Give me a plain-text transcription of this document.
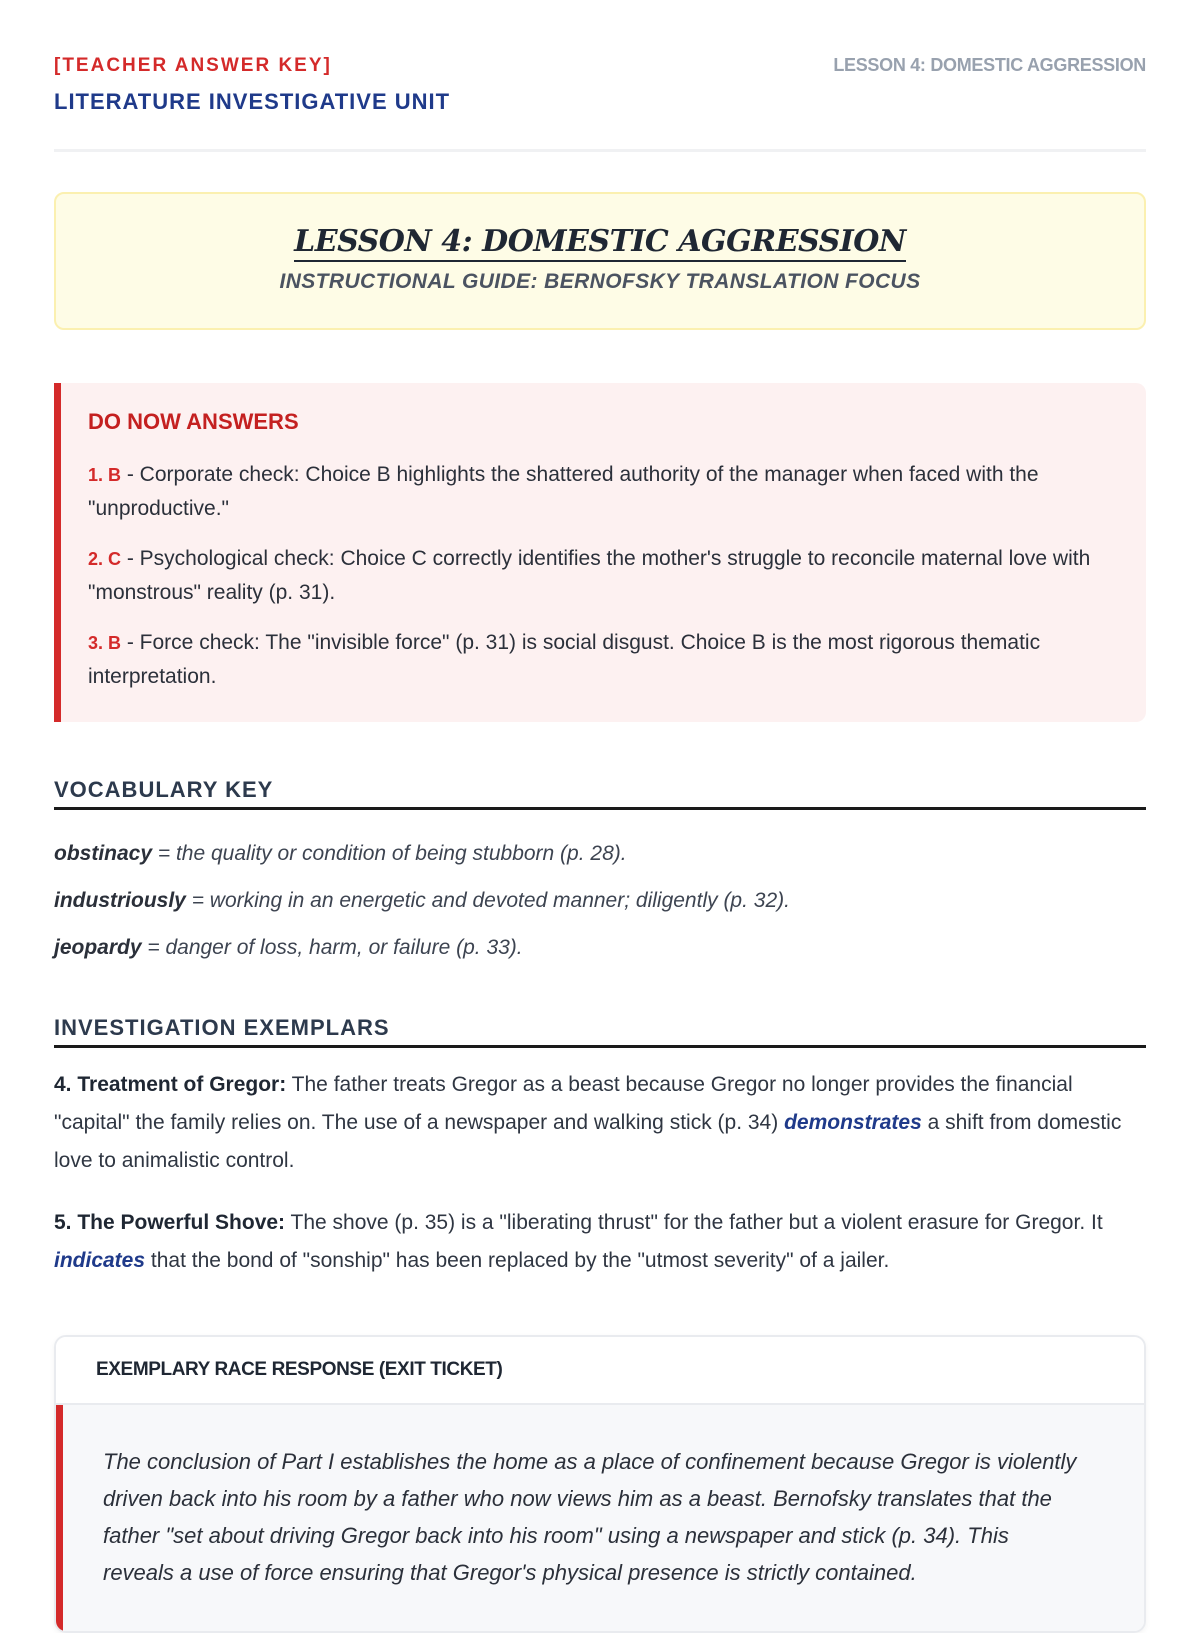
[TEACHER ANSWER KEY]
LITERATURE INVESTIGATIVE UNIT
LESSON 4: DOMESTIC AGGRESSION
LESSON 4: DOMESTIC AGGRESSION
INSTRUCTIONAL GUIDE: BERNOFSKY TRANSLATION FOCUS
DO NOW ANSWERS
1. B - Corporate check: Choice B highlights the shattered authority of the manager when faced with the "unproductive."
2. C - Psychological check: Choice C correctly identifies the mother's struggle to reconcile maternal love with "monstrous" reality (p. 31).
3. B - Force check: The "invisible force" (p. 31) is social disgust. Choice B is the most rigorous thematic interpretation.
VOCABULARY KEY
obstinacy = the quality or condition of being stubborn (p. 28).
industriously = working in an energetic and devoted manner; diligently (p. 32).
jeopardy = danger of loss, harm, or failure (p. 33).
INVESTIGATION EXEMPLARS
4. Treatment of Gregor: The father treats Gregor as a beast because Gregor no longer provides the financial "capital" the family relies on. The use of a newspaper and walking stick (p. 34) demonstrates a shift from domestic love to animalistic control.
5. The Powerful Shove: The shove (p. 35) is a "liberating thrust" for the father but a violent erasure for Gregor. It indicates that the bond of "sonship" has been replaced by the "utmost severity" of a jailer.
EXEMPLARY RACE RESPONSE (EXIT TICKET)
The conclusion of Part I establishes the home as a place of confinement because Gregor is violently driven back into his room by a father who now views him as a beast. Bernofsky translates that the father "set about driving Gregor back into his room" using a newspaper and stick (p. 34). This reveals a use of force ensuring that Gregor's physical presence is strictly contained.
